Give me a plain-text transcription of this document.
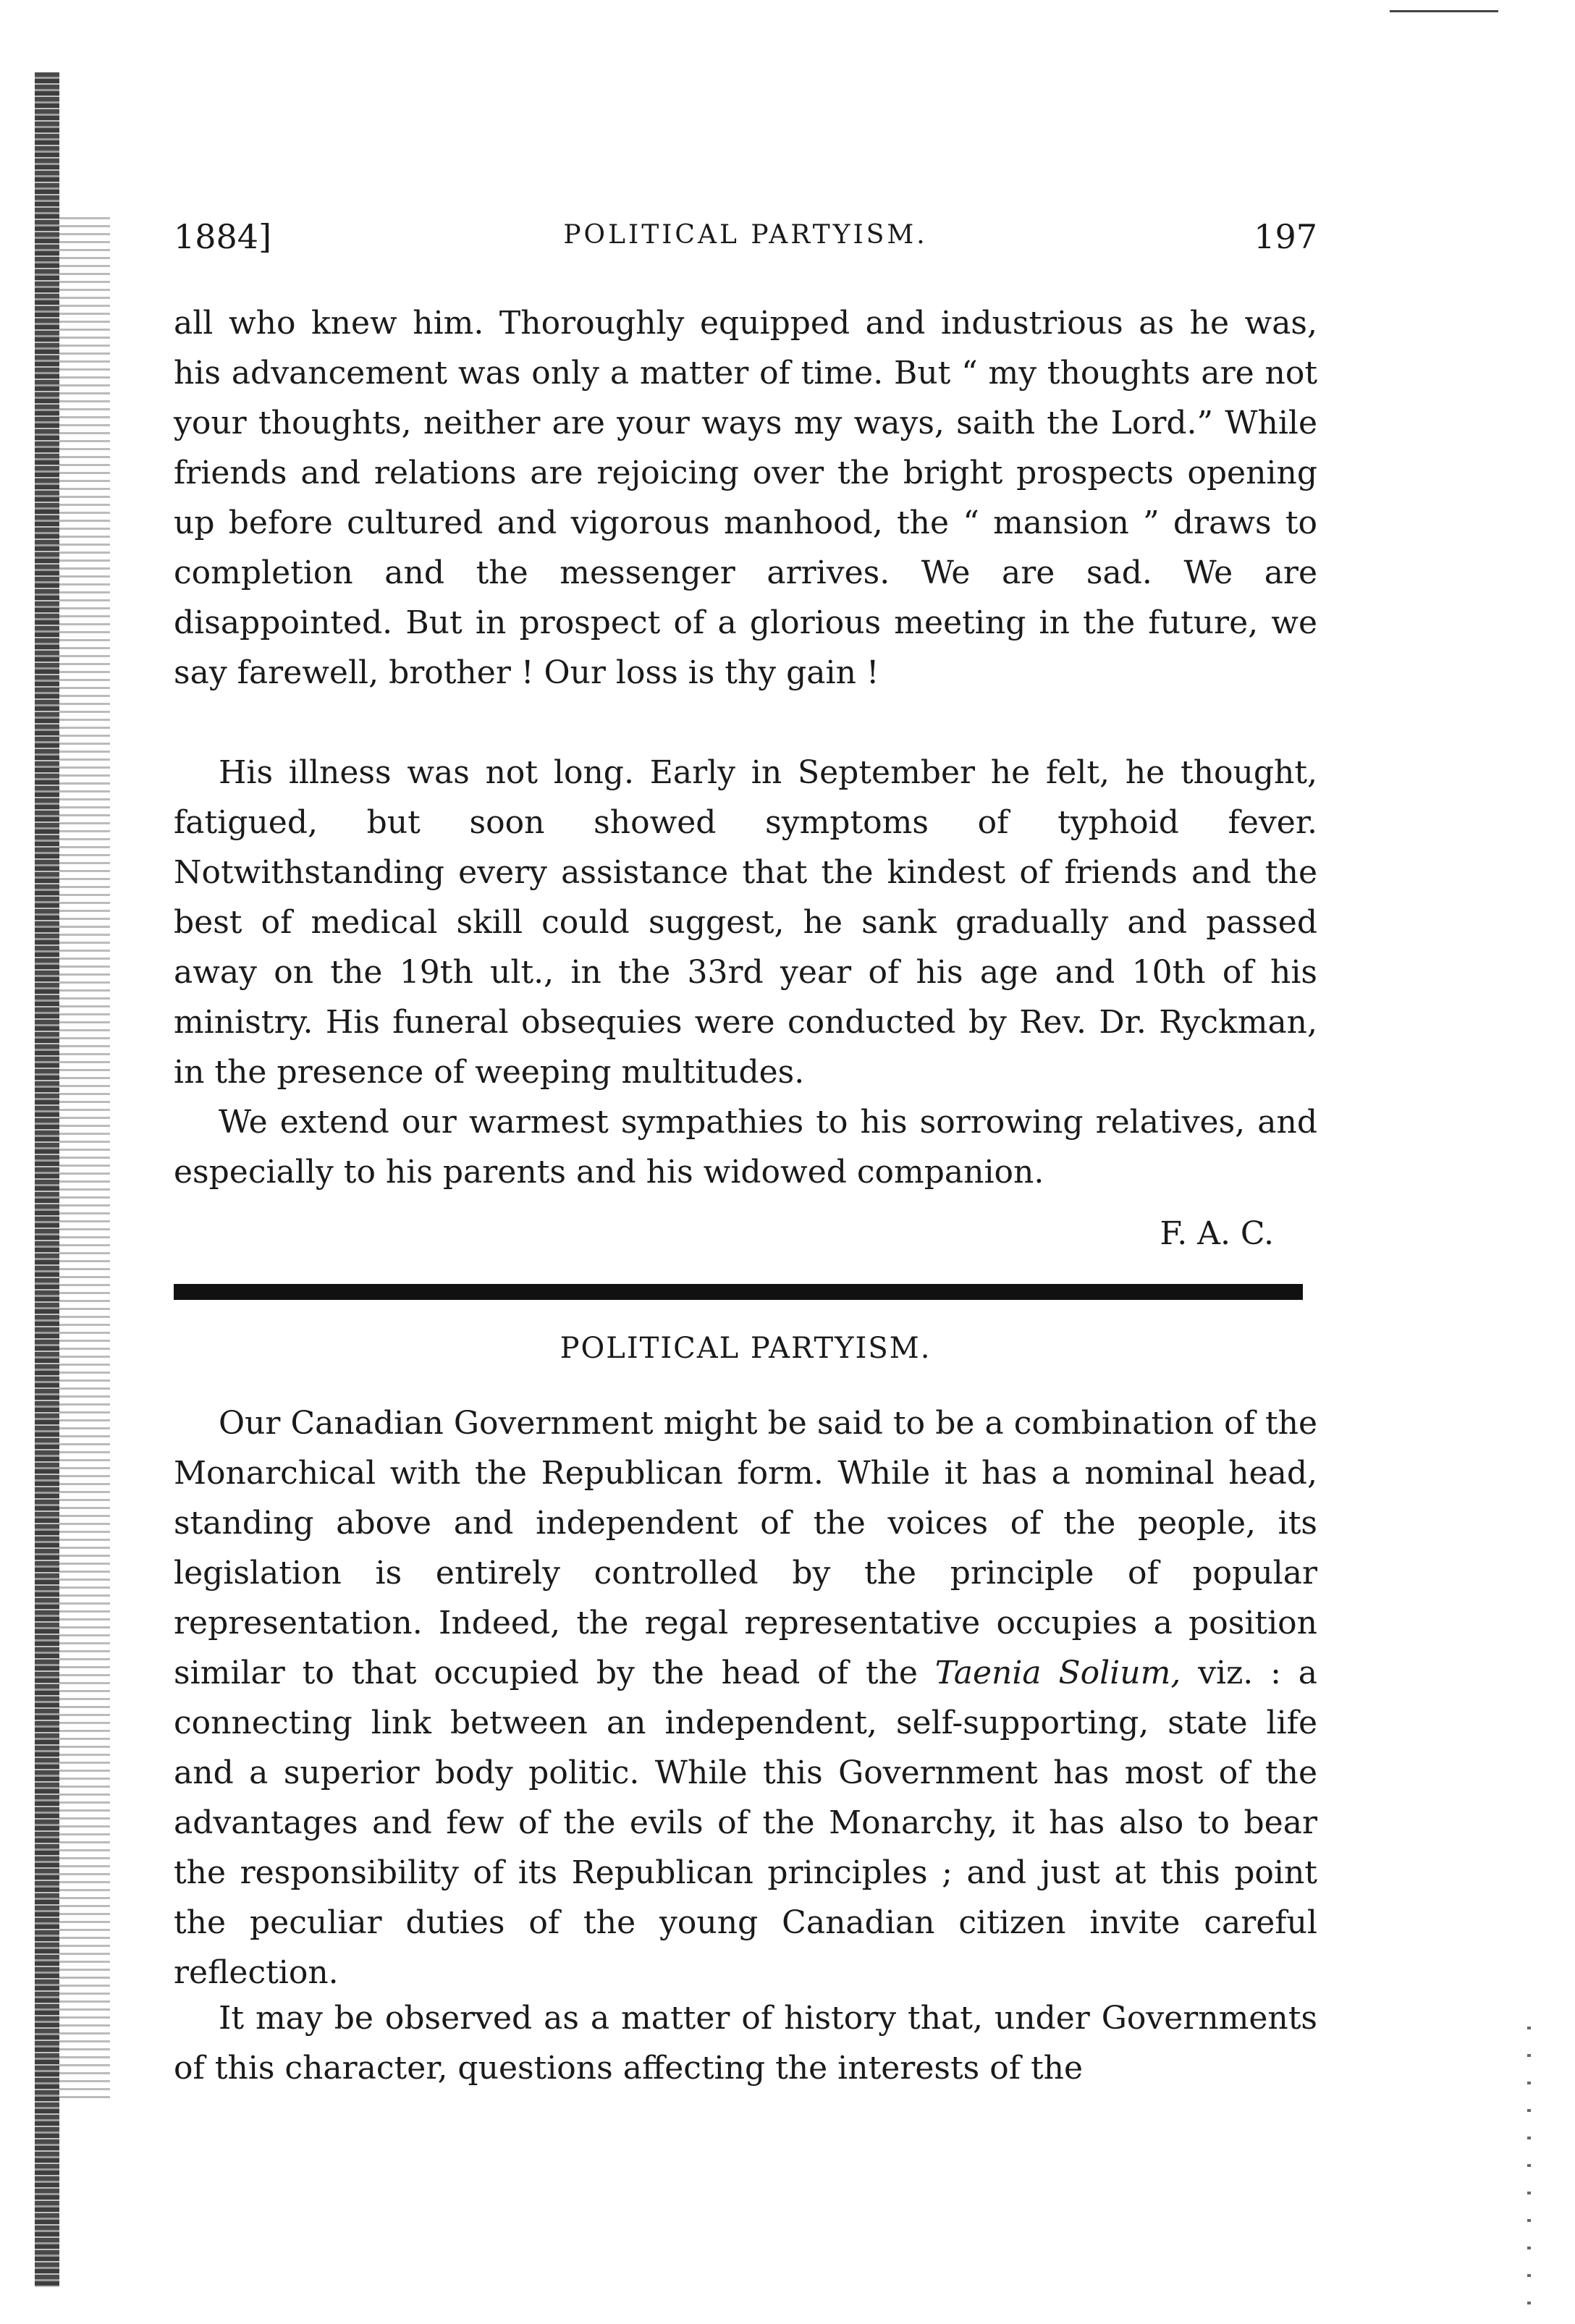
1884]	POLITICAL PARTYISM.	197

all who knew him. Thoroughly equipped and industrious as he was, his advancement was only a matter of time. But “ my thoughts are not your thoughts, neither are your ways my ways, saith the Lord.” While friends and relations are rejoicing over the bright prospects opening up before cultured and vigorous manhood, the “ mansion ” draws to completion and the messenger arrives. We are sad. We are disappointed. But in prospect of a glorious meeting in the future, we say farewell, brother ! Our loss is thy gain !

His illness was not long. Early in September he felt, he thought, fatigued, but soon showed symptoms of typhoid fever. Notwithstanding every assistance that the kindest of friends and the best of medical skill could suggest, he sank gradually and passed away on the 19th ult., in the 33rd year of his age and 10th of his ministry. His funeral obsequies were conducted by Rev. Dr. Ryckman, in the presence of weeping multitudes.

We extend our warmest sympathies to his sorrowing relatives, and especially to his parents and his widowed companion.

F. A. C.
POLITICAL PARTYISM.

Our Canadian Government might be said to be a combination of the Monarchical with the Republican form. While it has a nominal head, standing above and independent of the voices of the people, its legislation is entirely controlled by the principle of popular representation. Indeed, the regal representative occupies a position similar to that occupied by the head of the Taenia Solium, viz. : a connecting link between an independent, self-supporting, state life and a superior body politic. While this Government has most of the advantages and few of the evils of the Monarchy, it has also to bear the responsibility of its Republican principles ; and just at this point the peculiar duties of the young Canadian citizen invite careful reflection.

It may be observed as a matter of history that, under Governments of this character, questions affecting the interests of the
